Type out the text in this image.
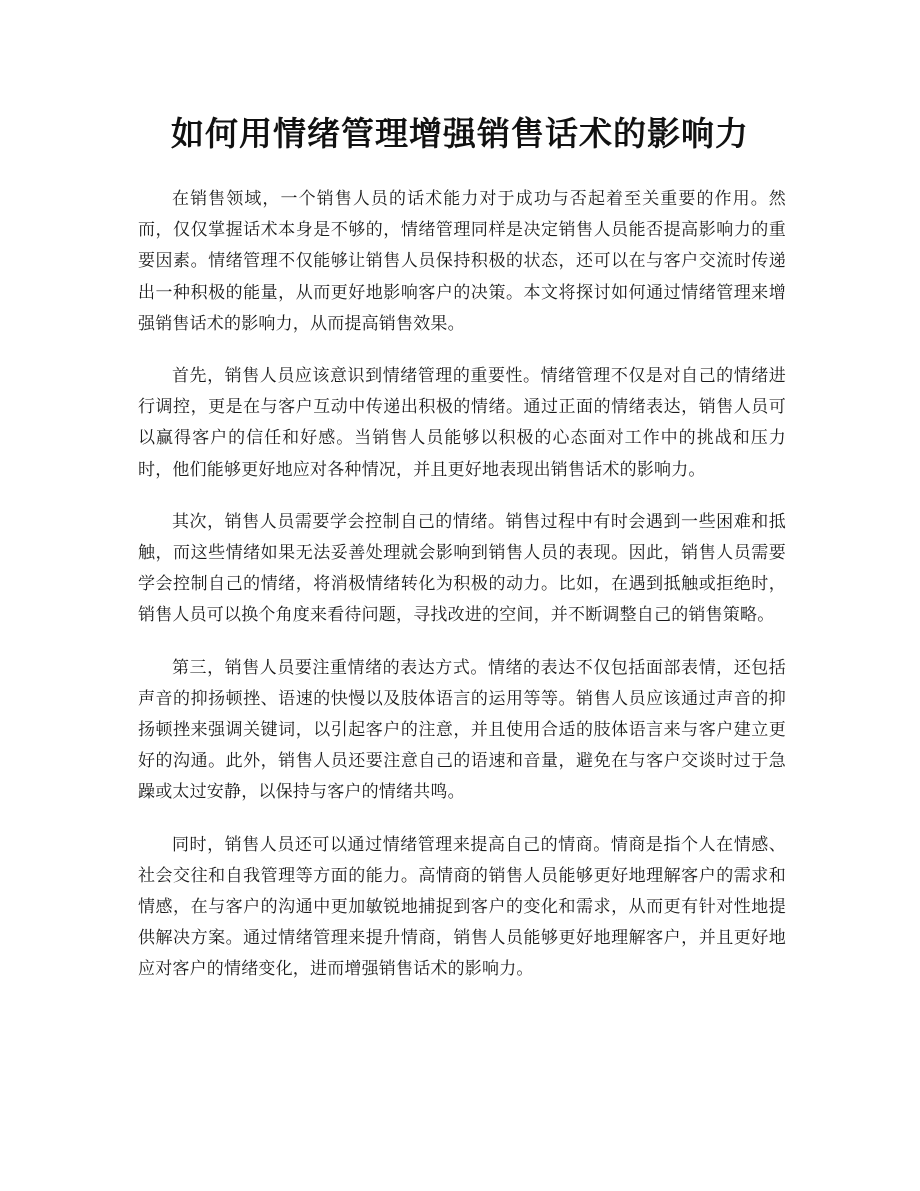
如何用情绪管理增强销售话术的影响力

在销售领域，一个销售人员的话术能力对于成功与否起着至关重要的作用。然而，仅仅掌握话术本身是不够的，情绪管理同样是决定销售人员能否提高影响力的重要因素。情绪管理不仅能够让销售人员保持积极的状态，还可以在与客户交流时传递出一种积极的能量，从而更好地影响客户的决策。本文将探讨如何通过情绪管理来增强销售话术的影响力，从而提高销售效果。

首先，销售人员应该意识到情绪管理的重要性。情绪管理不仅是对自己的情绪进行调控，更是在与客户互动中传递出积极的情绪。通过正面的情绪表达，销售人员可以赢得客户的信任和好感。当销售人员能够以积极的心态面对工作中的挑战和压力时，他们能够更好地应对各种情况，并且更好地表现出销售话术的影响力。

其次，销售人员需要学会控制自己的情绪。销售过程中有时会遇到一些困难和抵触，而这些情绪如果无法妥善处理就会影响到销售人员的表现。因此，销售人员需要学会控制自己的情绪，将消极情绪转化为积极的动力。比如，在遇到抵触或拒绝时，销售人员可以换个角度来看待问题，寻找改进的空间，并不断调整自己的销售策略。

第三，销售人员要注重情绪的表达方式。情绪的表达不仅包括面部表情，还包括声音的抑扬顿挫、语速的快慢以及肢体语言的运用等等。销售人员应该通过声音的抑扬顿挫来强调关键词，以引起客户的注意，并且使用合适的肢体语言来与客户建立更好的沟通。此外，销售人员还要注意自己的语速和音量，避免在与客户交谈时过于急躁或太过安静，以保持与客户的情绪共鸣。

同时，销售人员还可以通过情绪管理来提高自己的情商。情商是指个人在情感、社会交往和自我管理等方面的能力。高情商的销售人员能够更好地理解客户的需求和情感，在与客户的沟通中更加敏锐地捕捉到客户的变化和需求，从而更有针对性地提供解决方案。通过情绪管理来提升情商，销售人员能够更好地理解客户，并且更好地应对客户的情绪变化，进而增强销售话术的影响力。
